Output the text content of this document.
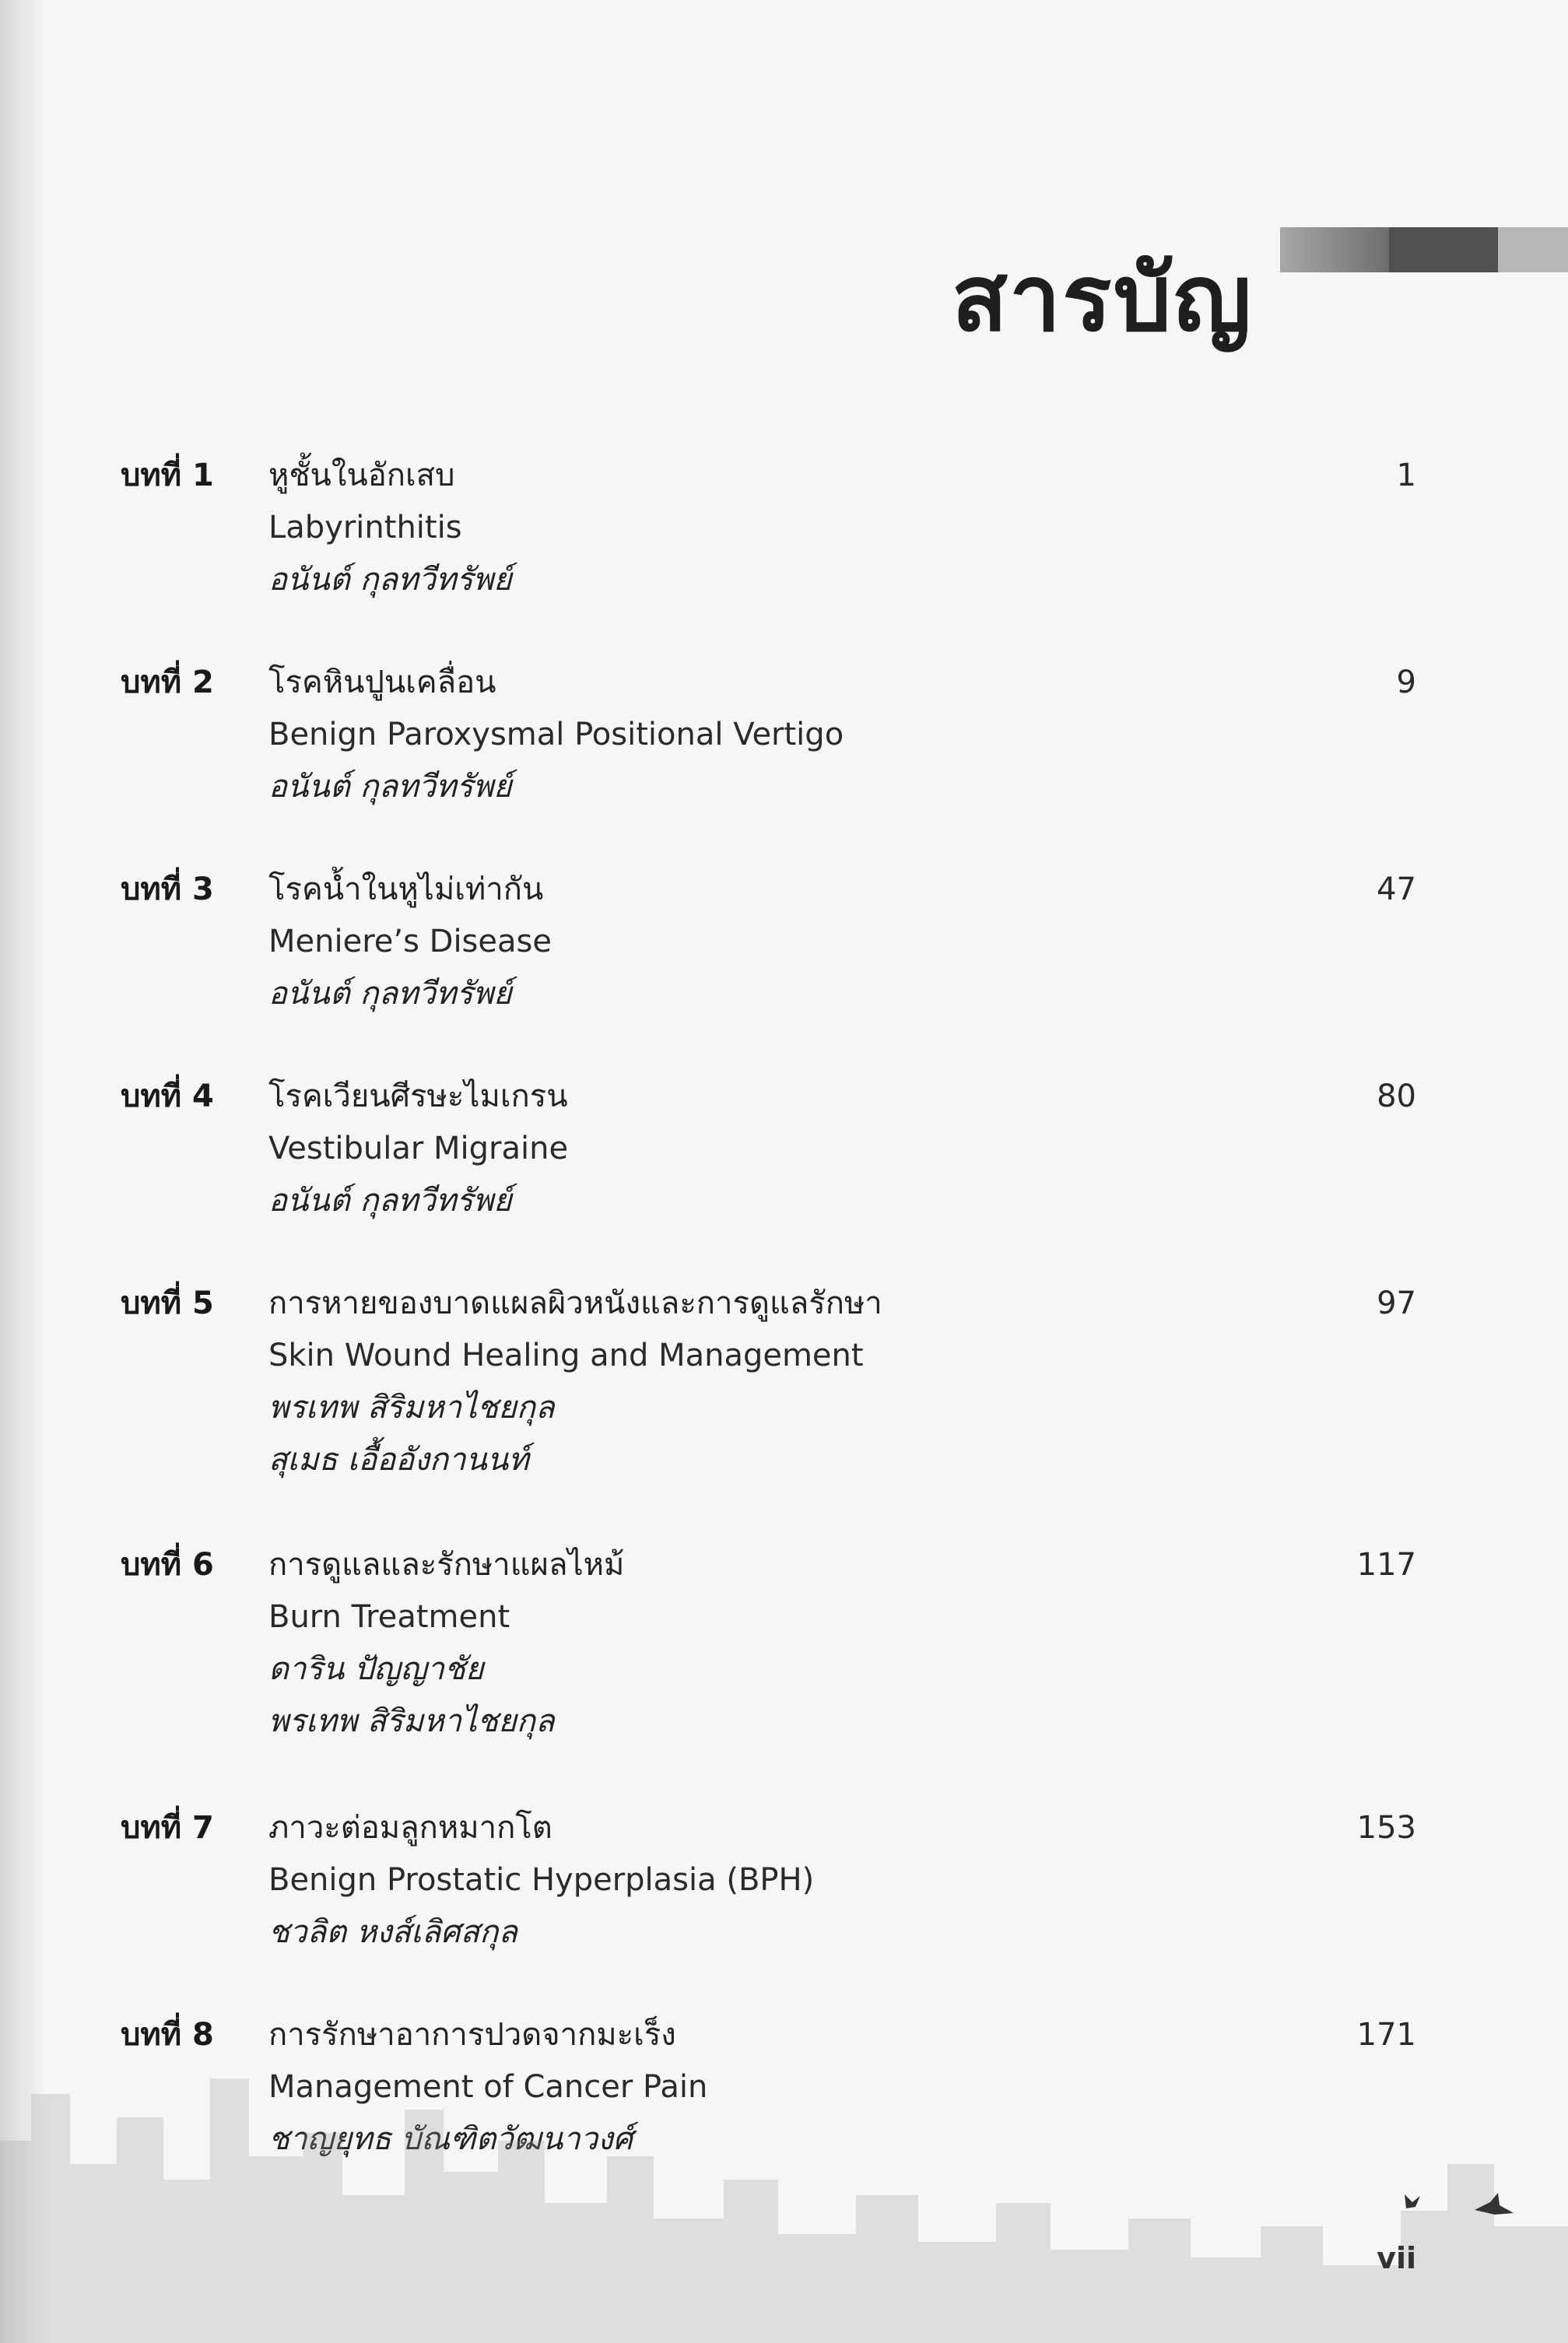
สารบัญ
บทที่ 1 หูชั้นในอักเสบ
Labyrinthitis
อนันต์ กุลทวีทรัพย์
1
บทที่ 2 โรคหินปูนเคลื่อน
Benign Paroxysmal Positional Vertigo
อนันต์ กุลทวีทรัพย์
9
บทที่ 3 โรคน้ำในหูไม่เท่ากัน
Meniere’s Disease
อนันต์ กุลทวีทรัพย์
47
บทที่ 4 โรคเวียนศีรษะไมเกรน
Vestibular Migraine
อนันต์ กุลทวีทรัพย์
80
บทที่ 5 การหายของบาดแผลผิวหนังและการดูแลรักษา
Skin Wound Healing and Management
พรเทพ สิริมหาไชยกุล
สุเมธ เอื้ออังกานนท์
97
บทที่ 6 การดูแลและรักษาแผลไหม้
Burn Treatment
ดาริน ปัญญาชัย
พรเทพ สิริมหาไชยกุล
117
บทที่ 7 ภาวะต่อมลูกหมากโต
Benign Prostatic Hyperplasia (BPH)
ชวลิต หงส์เลิศสกุล
153
บทที่ 8 การรักษาอาการปวดจากมะเร็ง
Management of Cancer Pain
ชาญยุทธ บัณฑิตวัฒนาวงศ์
171
vii
